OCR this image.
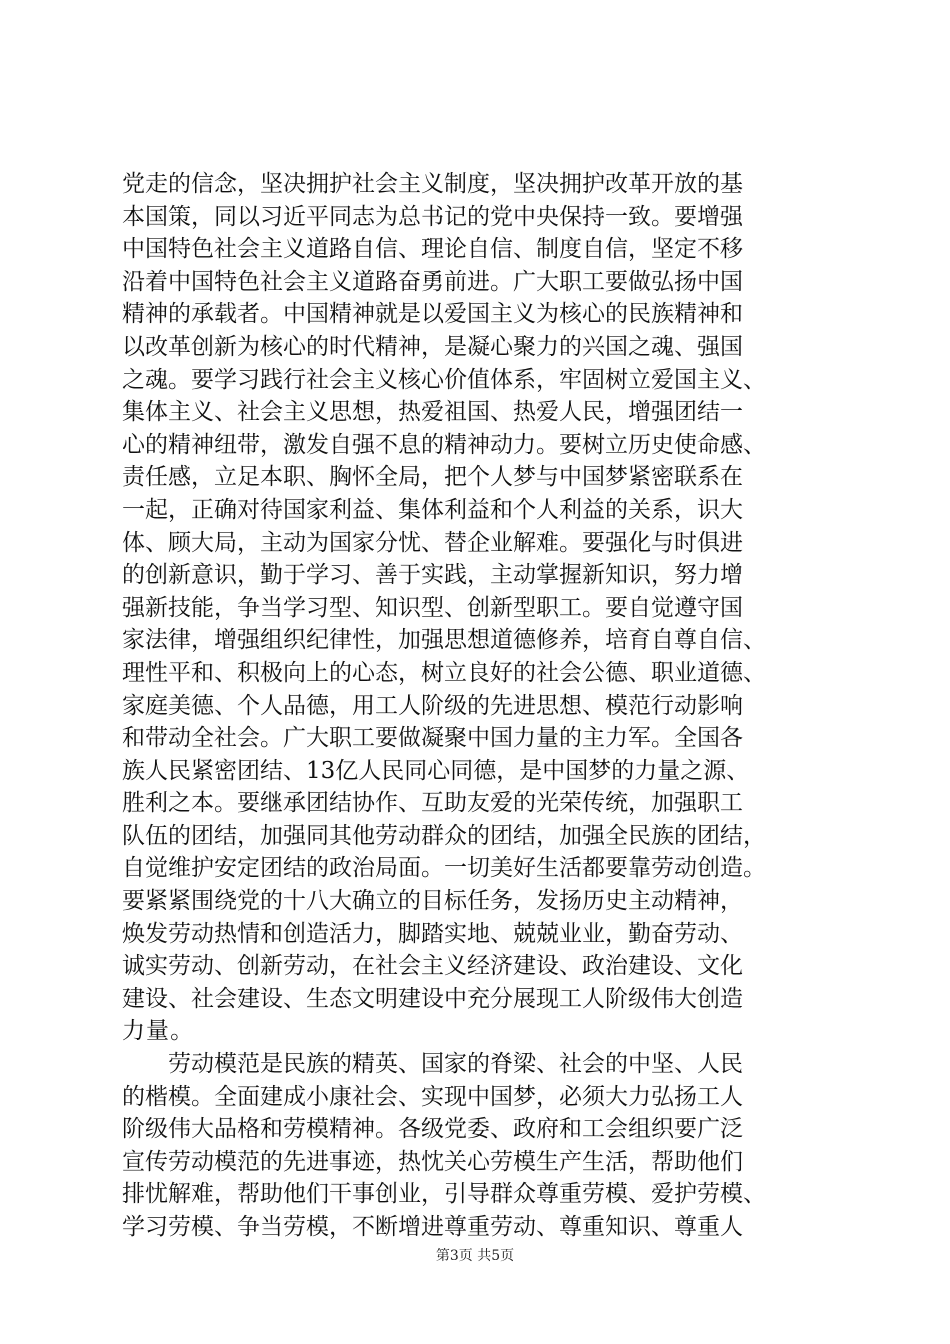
党走的信念，坚决拥护社会主义制度，坚决拥护改革开放的基
本国策，同以习近平同志为总书记的党中央保持一致。要增强
中国特色社会主义道路自信、理论自信、制度自信，坚定不移
沿着中国特色社会主义道路奋勇前进。广大职工要做弘扬中国
精神的承载者。中国精神就是以爱国主义为核心的民族精神和
以改革创新为核心的时代精神，是凝心聚力的兴国之魂、强国
之魂。要学习践行社会主义核心价值体系，牢固树立爱国主义、
集体主义、社会主义思想，热爱祖国、热爱人民，增强团结一
心的精神纽带，激发自强不息的精神动力。要树立历史使命感、
责任感，立足本职、胸怀全局，把个人梦与中国梦紧密联系在
一起，正确对待国家利益、集体利益和个人利益的关系，识大
体、顾大局，主动为国家分忧、替企业解难。要强化与时俱进
的创新意识，勤于学习、善于实践，主动掌握新知识，努力增
强新技能，争当学习型、知识型、创新型职工。要自觉遵守国
家法律，增强组织纪律性，加强思想道德修养，培育自尊自信、
理性平和、积极向上的心态，树立良好的社会公德、职业道德、
家庭美德、个人品德，用工人阶级的先进思想、模范行动影响
和带动全社会。广大职工要做凝聚中国力量的主力军。全国各
族人民紧密团结、13亿人民同心同德，是中国梦的力量之源、
胜利之本。要继承团结协作、互助友爱的光荣传统，加强职工
队伍的团结，加强同其他劳动群众的团结，加强全民族的团结，
自觉维护安定团结的政治局面。一切美好生活都要靠劳动创造。
要紧紧围绕党的十八大确立的目标任务，发扬历史主动精神，
焕发劳动热情和创造活力，脚踏实地、兢兢业业，勤奋劳动、
诚实劳动、创新劳动，在社会主义经济建设、政治建设、文化
建设、社会建设、生态文明建设中充分展现工人阶级伟大创造
力量。
　　劳动模范是民族的精英、国家的脊梁、社会的中坚、人民
的楷模。全面建成小康社会、实现中国梦，必须大力弘扬工人
阶级伟大品格和劳模精神。各级党委、政府和工会组织要广泛
宣传劳动模范的先进事迹，热忱关心劳模生产生活，帮助他们
排忧解难，帮助他们干事创业，引导群众尊重劳模、爱护劳模、
学习劳模、争当劳模，不断增进尊重劳动、尊重知识、尊重人
第3页 共5页
